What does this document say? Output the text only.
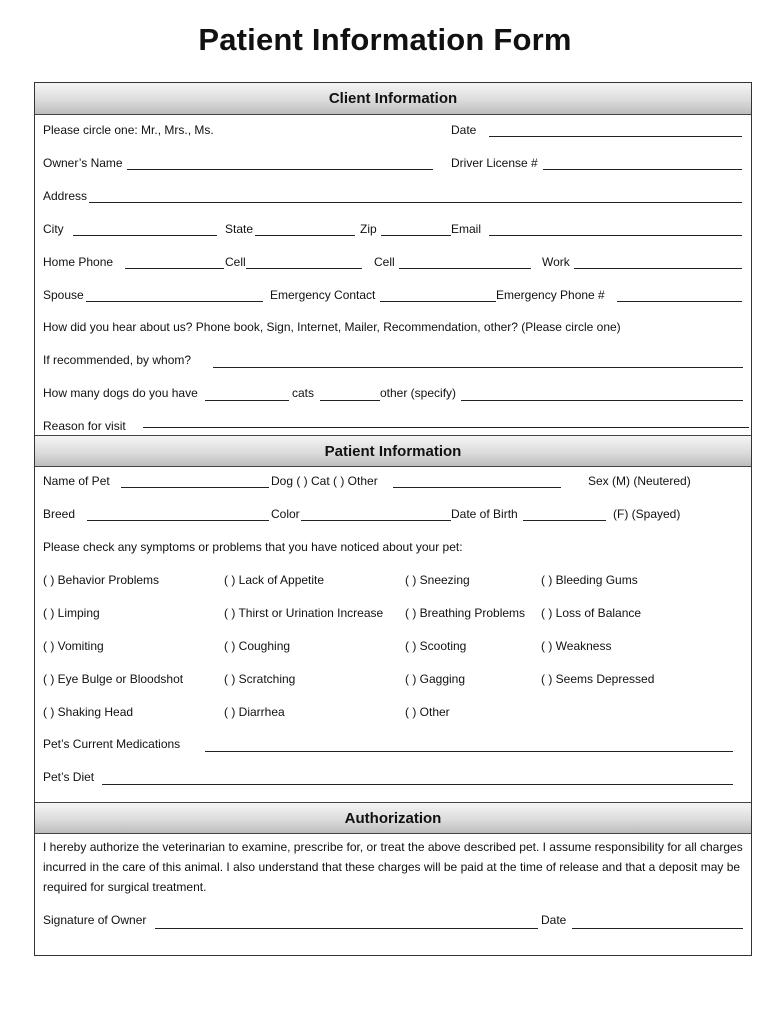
Patient Information Form
Client Information
Please circle one: Mr., Mrs., Ms.	Date
Owner’s Name	Driver License #
Address
City	State	Zip	Email
Home Phone	Cell	Cell	Work
Spouse	Emergency Contact	Emergency Phone #
How did you hear about us? Phone book, Sign, Internet, Mailer, Recommendation, other? (Please circle one)
If recommended, by whom?
How many dogs do you have	cats	other (specify)
Reason for visit
Patient Information
Name of Pet	Dog ( ) Cat ( ) Other	Sex (M) (Neutered)
Breed	Color	Date of Birth	(F) (Spayed)
Please check any symptoms or problems that you have noticed about your pet:
( ) Behavior Problems	( ) Lack of Appetite	( ) Sneezing	( ) Bleeding Gums
( ) Limping	( ) Thirst or Urination Increase ( ) Breathing Problems ( ) Loss of Balance
( ) Vomiting	( ) Coughing	( ) Scooting	( ) Weakness
( ) Eye Bulge or Bloodshot	( ) Scratching	( ) Gagging	( ) Seems Depressed
( ) Shaking Head	( ) Diarrhea	( ) Other
Pet’s Current Medications
Pet’s Diet
Authorization
I hereby authorize the veterinarian to examine, prescribe for, or treat the above described pet. I assume responsibility for all charges incurred in the care of this animal. I also understand that these charges will be paid at the time of release and that a deposit may be required for surgical treatment.
Signature of Owner	Date
